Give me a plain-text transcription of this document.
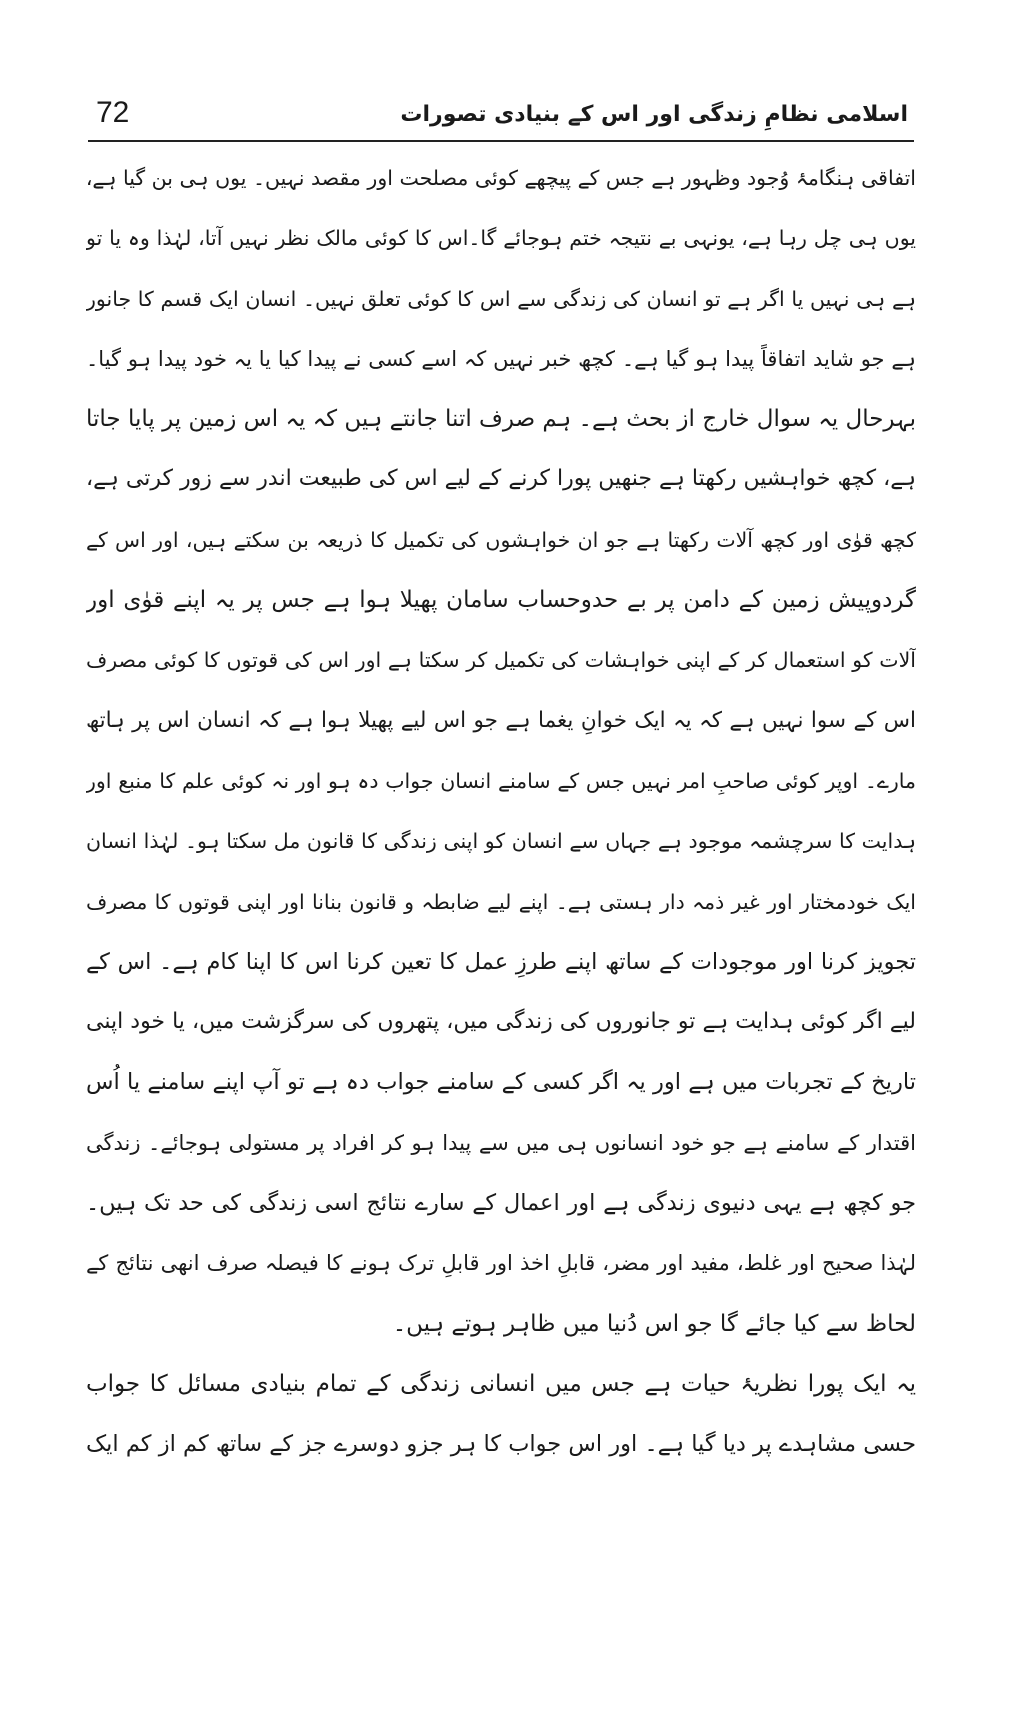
72	اسلامی نظامِ زندگی اور اس کے بنیادی تصورات
اتفاقی ہنگامۂ وُجود وظہور ہے جس کے پیچھے کوئی مصلحت اور مقصد نہیں۔ یوں ہی بن گیا ہے،
یوں ہی چل رہا ہے، یونہی بے نتیجہ ختم ہوجائے گا۔اس کا کوئی مالک نظر نہیں آتا، لہٰذا وہ یا تو
ہے ہی نہیں یا اگر ہے تو انسان کی زندگی سے اس کا کوئی تعلق نہیں۔ انسان ایک قسم کا جانور
ہے جو شاید اتفاقاً پیدا ہو گیا ہے۔ کچھ خبر نہیں کہ اسے کسی نے پیدا کیا یا یہ خود پیدا ہو گیا۔
بہرحال یہ سوال خارج از بحث ہے۔ ہم صرف اتنا جانتے ہیں کہ یہ اس زمین پر پایا جاتا
ہے، کچھ خواہشیں رکھتا ہے جنھیں پورا کرنے کے لیے اس کی طبیعت اندر سے زور کرتی ہے،
کچھ قوٰی اور کچھ آلات رکھتا ہے جو ان خواہشوں کی تکمیل کا ذریعہ بن سکتے ہیں، اور اس کے
گردوپیش زمین کے دامن پر بے حدوحساب سامان پھیلا ہوا ہے جس پر یہ اپنے قوٰی اور
آلات کو استعمال کر کے اپنی خواہشات کی تکمیل کر سکتا ہے اور اس کی قوتوں کا کوئی مصرف
اس کے سوا نہیں ہے کہ یہ ایک خوانِ یغما ہے جو اس لیے پھیلا ہوا ہے کہ انسان اس پر ہاتھ
مارے۔ اوپر کوئی صاحبِ امر نہیں جس کے سامنے انسان جواب دہ ہو اور نہ کوئی علم کا منبع اور
ہدایت کا سرچشمہ موجود ہے جہاں سے انسان کو اپنی زندگی کا قانون مل سکتا ہو۔ لہٰذا انسان
ایک خودمختار اور غیر ذمہ دار ہستی ہے۔ اپنے لیے ضابطہ و قانون بنانا اور اپنی قوتوں کا مصرف
تجویز کرنا اور موجودات کے ساتھ اپنے طرزِ عمل کا تعین کرنا اس کا اپنا کام ہے۔ اس کے
لیے اگر کوئی ہدایت ہے تو جانوروں کی زندگی میں، پتھروں کی سرگزشت میں، یا خود اپنی
تاریخ کے تجربات میں ہے اور یہ اگر کسی کے سامنے جواب دہ ہے تو آپ اپنے سامنے یا اُس
اقتدار کے سامنے ہے جو خود انسانوں ہی میں سے پیدا ہو کر افراد پر مستولی ہوجائے۔ زندگی
جو کچھ ہے یہی دنیوی زندگی ہے اور اعمال کے سارے نتائج اسی زندگی کی حد تک ہیں۔
لہٰذا صحیح اور غلط، مفید اور مضر، قابلِ اخذ اور قابلِ ترک ہونے کا فیصلہ صرف انھی نتائج کے
لحاظ سے کیا جائے گا جو اس دُنیا میں ظاہر ہوتے ہیں۔
یہ ایک پورا نظریۂ حیات ہے جس میں انسانی زندگی کے تمام بنیادی مسائل کا جواب
حسی مشاہدے پر دیا گیا ہے۔ اور اس جواب کا ہر جزو دوسرے جز کے ساتھ کم از کم ایک
